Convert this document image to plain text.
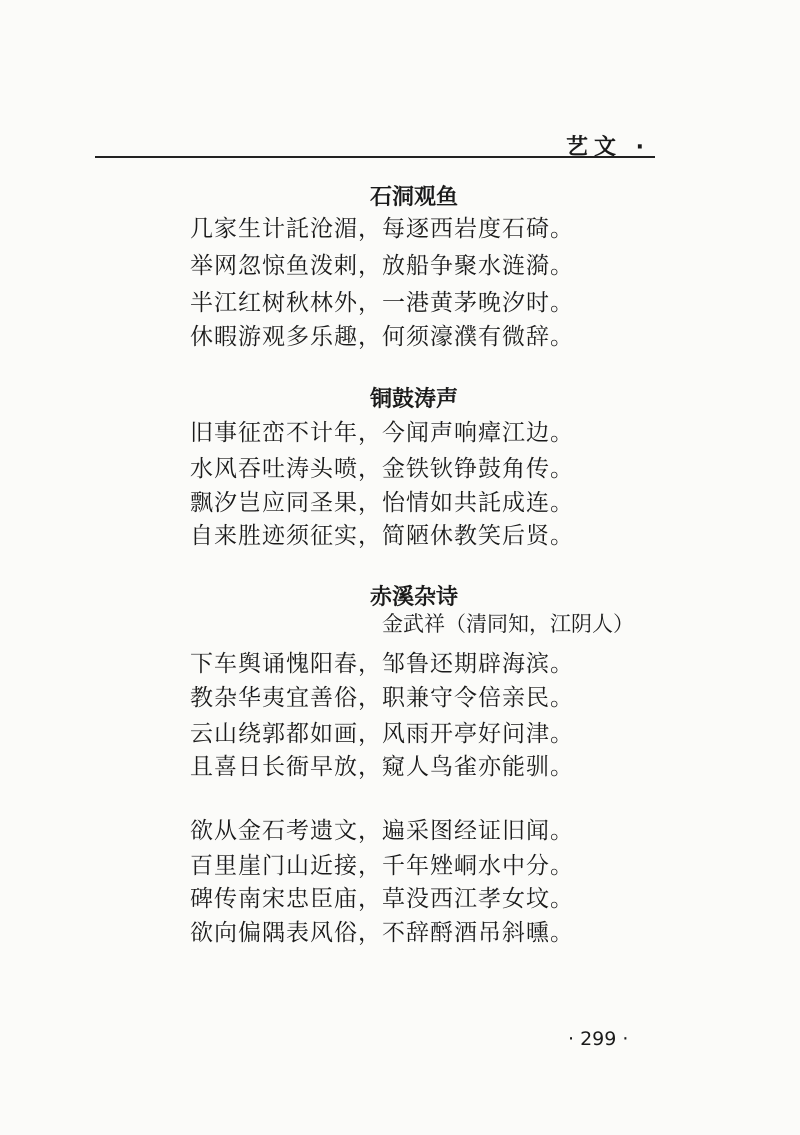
艺文 ·
石洞观鱼
几家生计託沧湄，每逐西岩度石碕。
举网忽惊鱼泼剌，放船争聚水涟漪。
半江红树秋林外，一港黄茅晚汐时。
休暇游观多乐趣，何须濠濮有微辞。
铜鼓涛声
旧事征峦不计年，今闻声响瘴江边。
水风吞吐涛头喷，金铁钬铮鼓角传。
飘汐岂应同圣果，怡情如共託成连。
自来胜迹须征实，简陋休教笑后贤。
赤溪杂诗
金武祥（清同知，江阴人）
下车舆诵愧阳春，邹鲁还期辟海滨。
教杂华夷宜善俗，职兼守令倍亲民。
云山绕郭都如画，风雨开亭好问津。
且喜日长衙早放，窥人鸟雀亦能驯。
欲从金石考遗文，遍采图经证旧闻。
百里崖门山近接，千年矬峒水中分。
碑传南宋忠臣庙，草没西江孝女坟。
欲向偏隅表风俗，不辞酹酒吊斜曛。
· 299 ·
